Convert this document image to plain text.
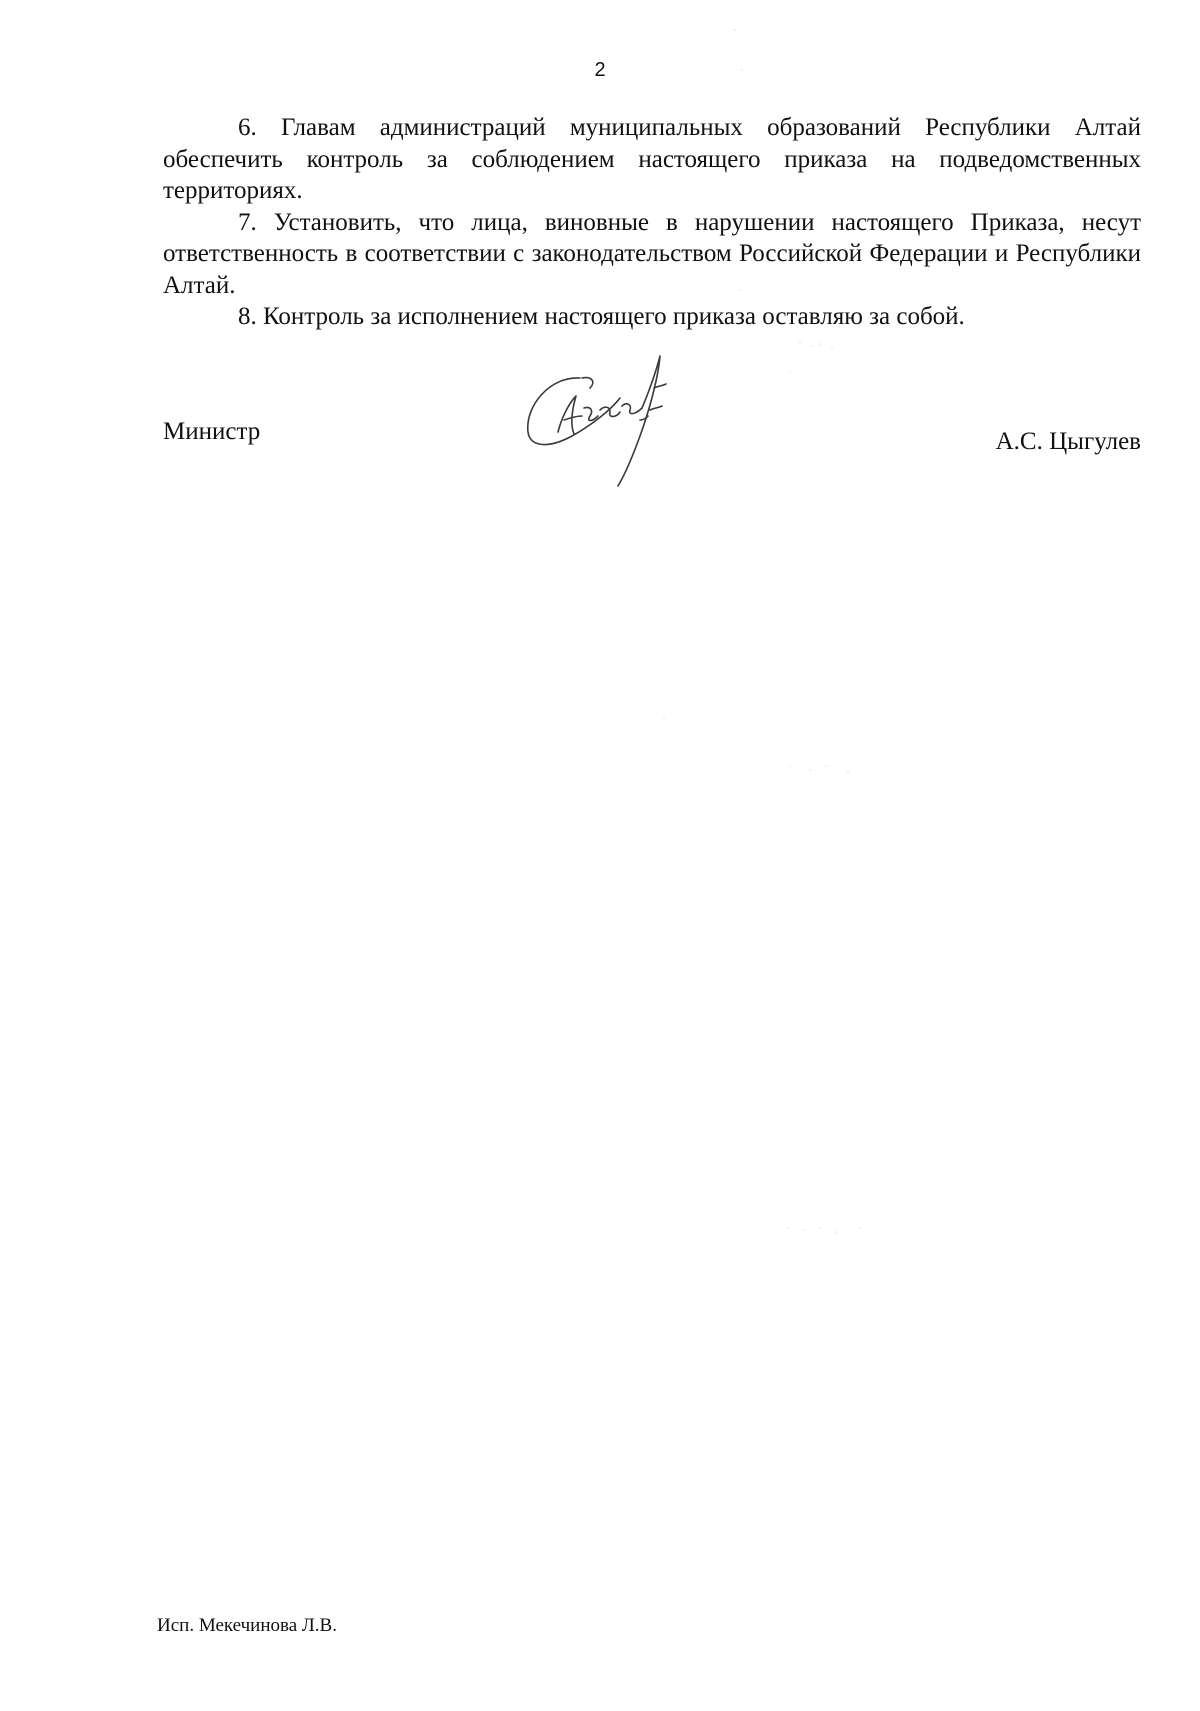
2

6. Главам администраций муниципальных образований Республики Алтай обеспечить контроль за соблюдением настоящего приказа на подведомственных территориях.

7. Установить, что лица, виновные в нарушении настоящего Приказа, несут ответственность в соответствии с законодательством Российской Федерации и Республики Алтай.

8. Контроль за исполнением настоящего приказа оставляю за собой.

Министр	А.С. Цыгулев
Исп. Мекечинова Л.В.
